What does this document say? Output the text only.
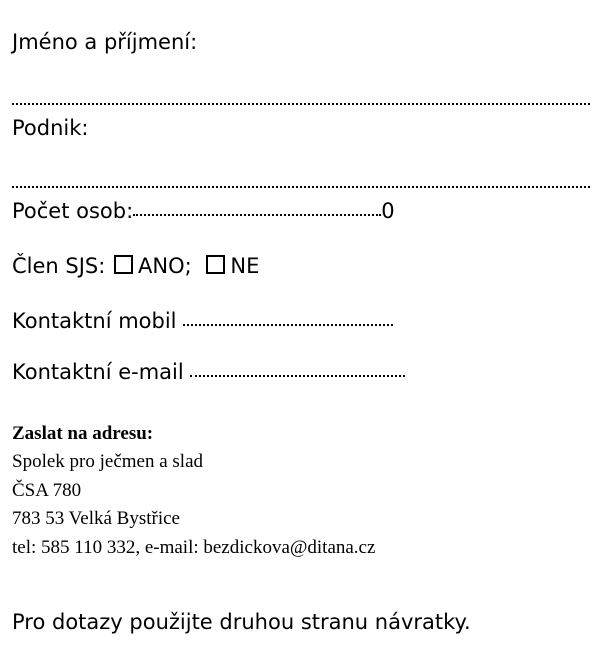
Jméno a příjmení:
Podnik:
Počet osob:	0
Člen SJS: ANO; NE
Kontaktní mobil
Kontaktní e-mail
Zaslat na adresu:
Spolek pro ječmen a slad
ČSA 780
783 53 Velká Bystřice
tel: 585 110 332, e-mail: bezdickova@ditana.cz
Pro dotazy použijte druhou stranu návratky.
